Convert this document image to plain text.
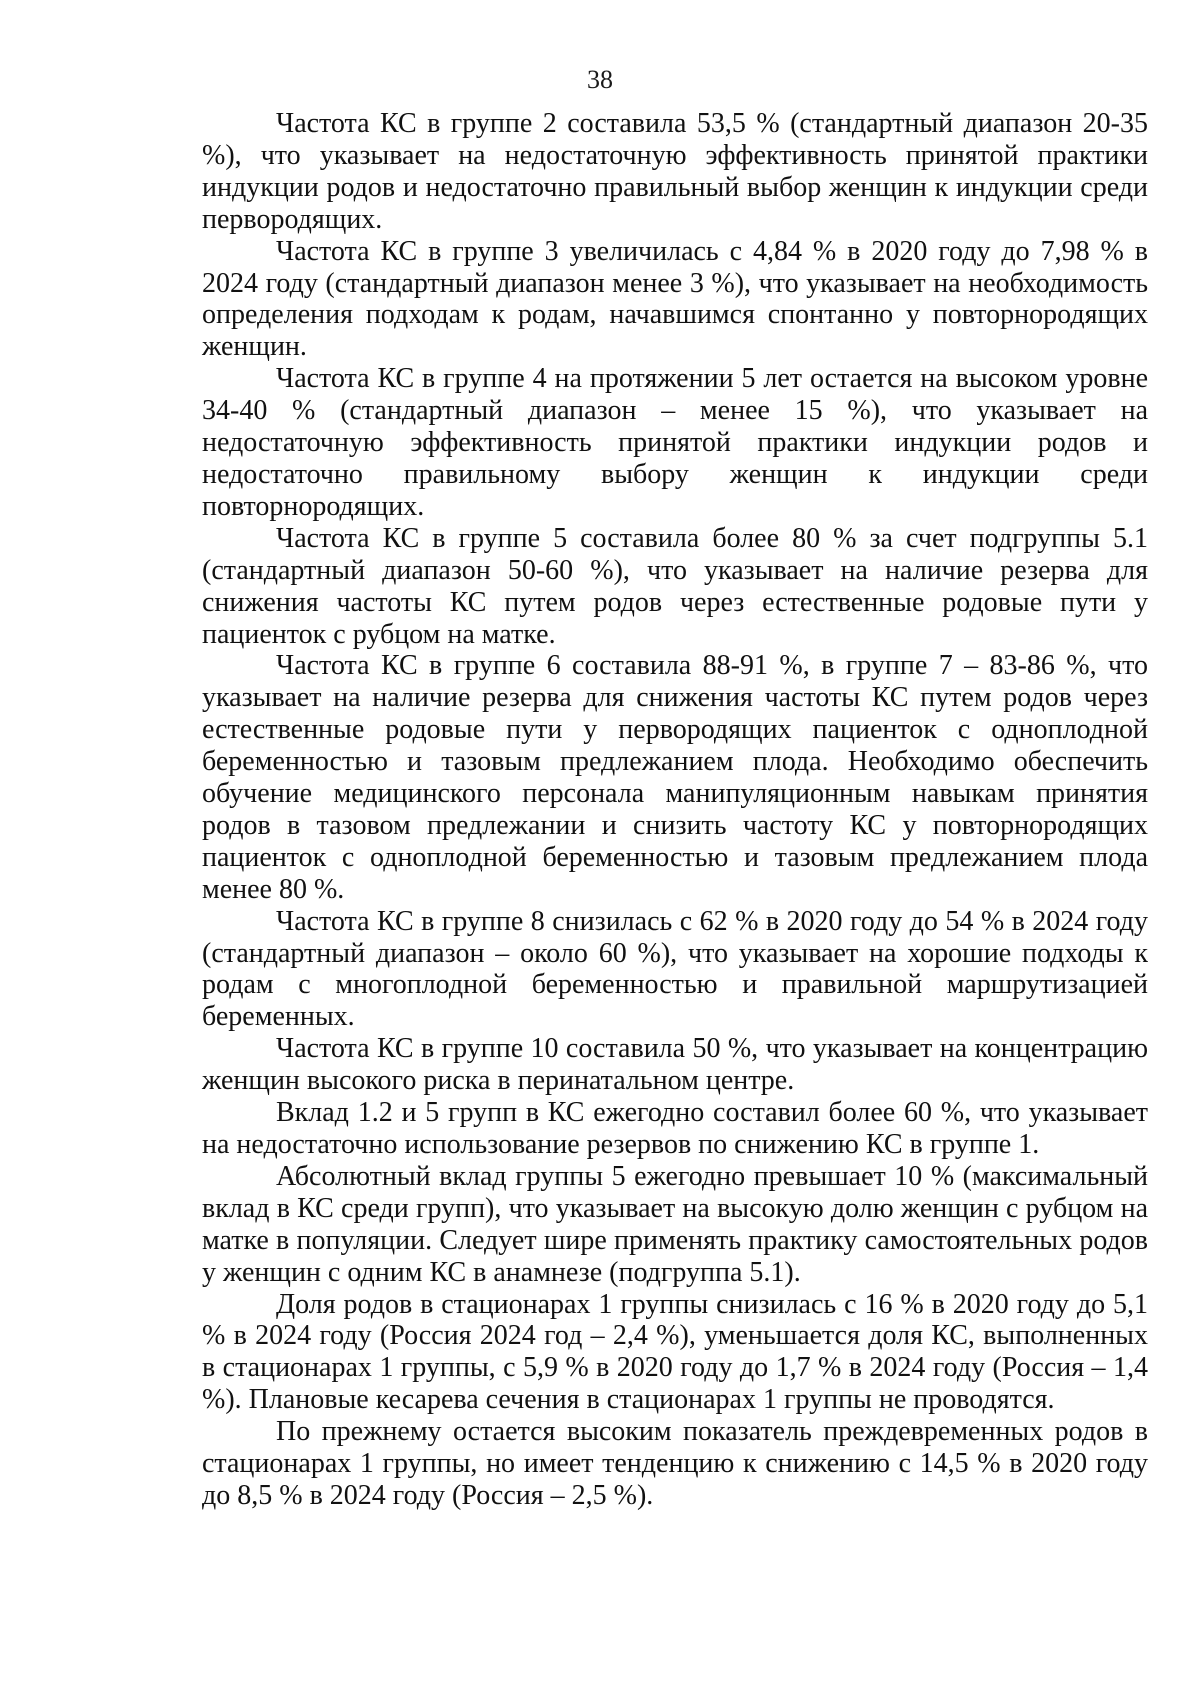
38

Частота КС в группе 2 составила 53,5 % (стандартный диапазон 20-35 %), что указывает на недостаточную эффективность принятой практики индукции родов и недостаточно правильный выбор женщин к индукции среди первородящих.

Частота КС в группе 3 увеличилась с 4,84 % в 2020 году до 7,98 % в 2024 году (стандартный диапазон менее 3 %), что указывает на необходимость определения подходам к родам, начавшимся спонтанно у повторнородящих женщин.

Частота КС в группе 4 на протяжении 5 лет остается на высоком уровне 34-40 % (стандартный диапазон – менее 15 %), что указывает на недостаточную эффективность принятой практики индукции родов и недостаточно правильному выбору женщин к индукции среди повторнородящих.

Частота КС в группе 5 составила более 80 % за счет подгруппы 5.1 (стандартный диапазон 50-60 %), что указывает на наличие резерва для снижения частоты КС путем родов через естественные родовые пути у пациенток с рубцом на матке.

Частота КС в группе 6 составила 88-91 %, в группе 7 – 83-86 %, что указывает на наличие резерва для снижения частоты КС путем родов через естественные родовые пути у первородящих пациенток с одноплодной беременностью и тазовым предлежанием плода. Необходимо обеспечить обучение медицинского персонала манипуляционным навыкам принятия родов в тазовом предлежании и снизить частоту КС у повторнородящих пациенток с одноплодной беременностью и тазовым предлежанием плода менее 80 %.

Частота КС в группе 8 снизилась с 62 % в 2020 году до 54 % в 2024 году (стандартный диапазон – около 60 %), что указывает на хорошие подходы к родам с многоплодной беременностью и правильной маршрутизацией беременных.

Частота КС в группе 10 составила 50 %, что указывает на концентрацию женщин высокого риска в перинатальном центре.

Вклад 1.2 и 5 групп в КС ежегодно составил более 60 %, что указывает на недостаточно использование резервов по снижению КС в группе 1.

Абсолютный вклад группы 5 ежегодно превышает 10 % (максимальный вклад в КС среди групп), что указывает на высокую долю женщин с рубцом на матке в популяции. Следует шире применять практику самостоятельных родов у женщин с одним КС в анамнезе (подгруппа 5.1).

Доля родов в стационарах 1 группы снизилась с 16 % в 2020 году до 5,1 % в 2024 году (Россия 2024 год – 2,4 %), уменьшается доля КС, выполненных в стационарах 1 группы, с 5,9 % в 2020 году до 1,7 % в 2024 году (Россия – 1,4 %). Плановые кесарева сечения в стационарах 1 группы не проводятся.

По прежнему остается высоким показатель преждевременных родов в стационарах 1 группы, но имеет тенденцию к снижению с 14,5 % в 2020 году до 8,5 % в 2024 году (Россия – 2,5 %).
